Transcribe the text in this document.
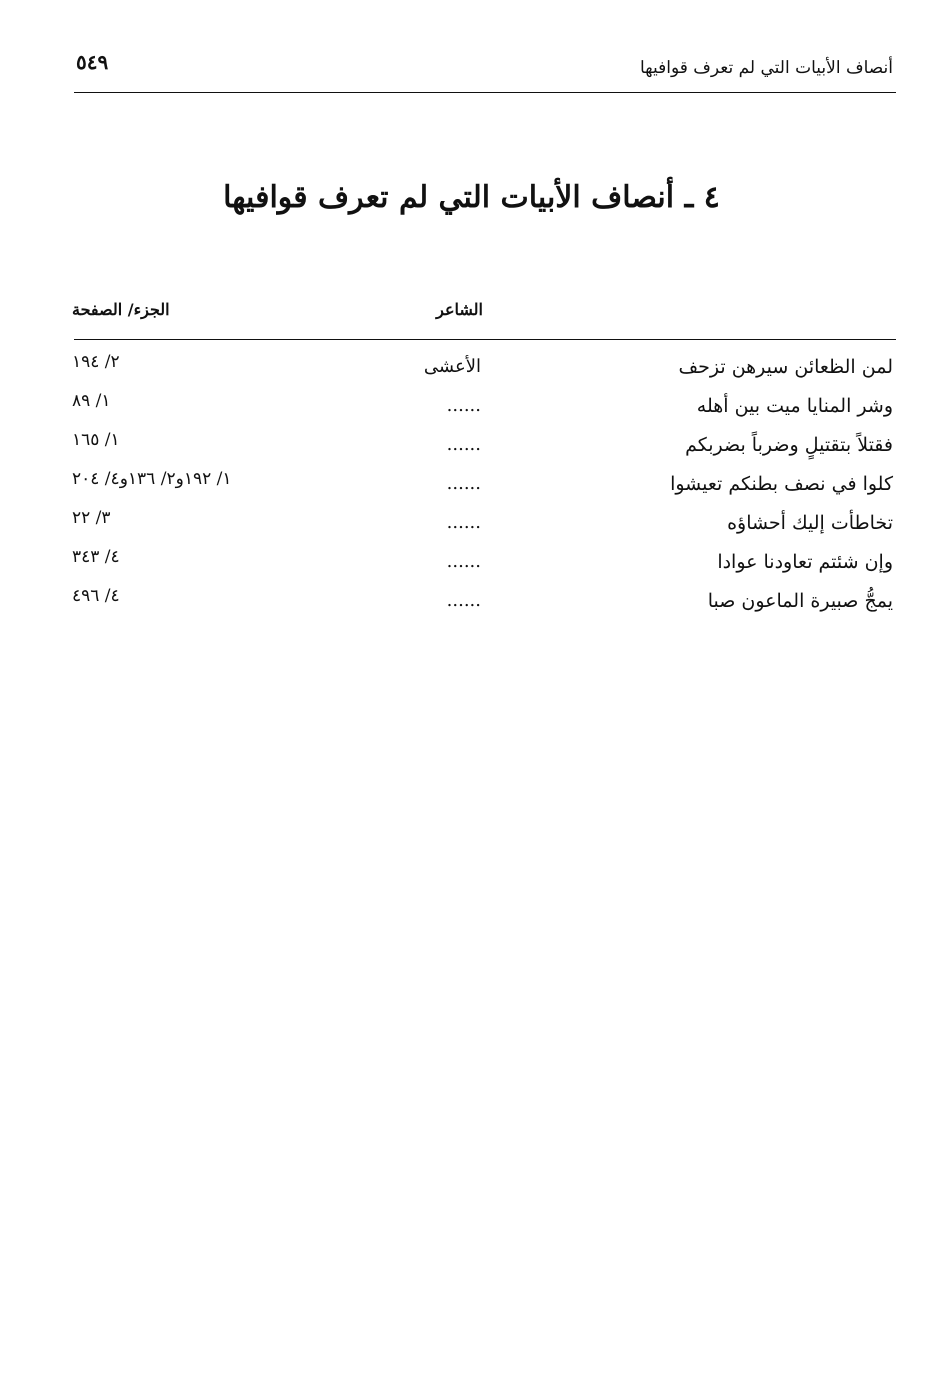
أنصاف الأبيات التي لم تعرف قوافيها
٥٤٩
٤ ـ أنصاف الأبيات التي لم تعرف قوافيها
الشاعر
الجزء/ الصفحة
لمن الظعائن سيرهن تزحف
الأعشى
٢/ ١٩٤
وشر المنايا ميت بين أهله
......
١/ ٨٩
فقتلاً بتقتيلٍ وضرباً بضربكم
......
١/ ١٦٥
كلوا في نصف بطنكم تعيشوا
......
١/ ١٩٢و٢/ ١٣٦و٤/ ٢٠٤
تخاطأت إليك أحشاؤه
......
٣/ ٢٢
وإن شئتم تعاودنا عوادا
......
٤/ ٣٤٣
يمجُّ صبيرة الماعون صبا
......
٤/ ٤٩٦
